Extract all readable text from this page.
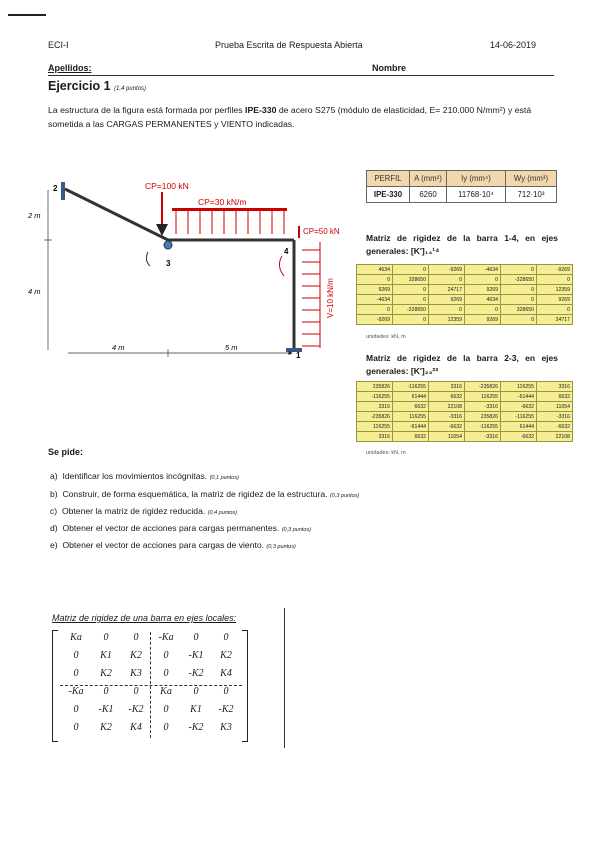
ECI-I	Prueba Escrita de Respuesta Abierta	14-06-2019
Apellidos:	Nombre
Ejercicio 1 (1,4 puntos)
La estructura de la figura está formada por perfiles IPE-330 de acero S275 (módulo de elasticidad, E= 210.000 N/mm²) y está sometida a las CARGAS PERMANENTES y VIENTO indicadas.
CP=100 kN
CP=30 kN/m
CP=50 kN
V=10 kN/m
2
3
4
1
2 m
4 m
4 m	5 m
PERFIL	A (mm²)	Iy (mm⁴)	Wy (mm³)
IPE-330	6260	11768·10⁴	712·10³
Matriz de rigidez de la barra 1-4, en ejes generales: [K']₁₄¹⁴
4634	0	-9269	-4634	0	-9269
0	328650	0	0	-328650	0
9269	0	24717	9269	0	12359
-4634	0	9269	4634	0	9269
0	-328650	0	0	328650	0
-9269	0	12359	9269	0	24717
unidades: kN, m
Matriz de rigidez de la barra 2-3, en ejes generales: [K']₂₃²³
235826	-116255	3316	-235826	116255	3316
-116255	61444	6632	116255	-61444	6632
3316	6632	22108	-3316	-6632	11054
-235826	116255	-3316	235826	-116255	-3316
116255	-61444	-6632	-116255	61444	-6632
3316	6632	11054	-3316	-6632	22108
unidades: kN, m
Se pide:
a) Identificar los movimientos incógnitas. (0,1 puntos)
b) Construir, de forma esquemática, la matriz de rigidez de la estructura. (0,3 puntos)
c) Obtener la matriz de rigidez reducida. (0,4 puntos)
d) Obtener el vector de acciones para cargas permanentes. (0,3 puntos)
e) Obtener el vector de acciones para cargas de viento. (0,3 puntos)
Matriz de rigidez de una barra en ejes locales:
Ka	0	0	-Ka	0	0
0	K1	K2	0	-K1	K2
0	K2	K3	0	-K2	K4
-Ka	0	0	Ka	0	0
0	-K1	-K2	0	K1	-K2
0	K2	K4	0	-K2	K3
